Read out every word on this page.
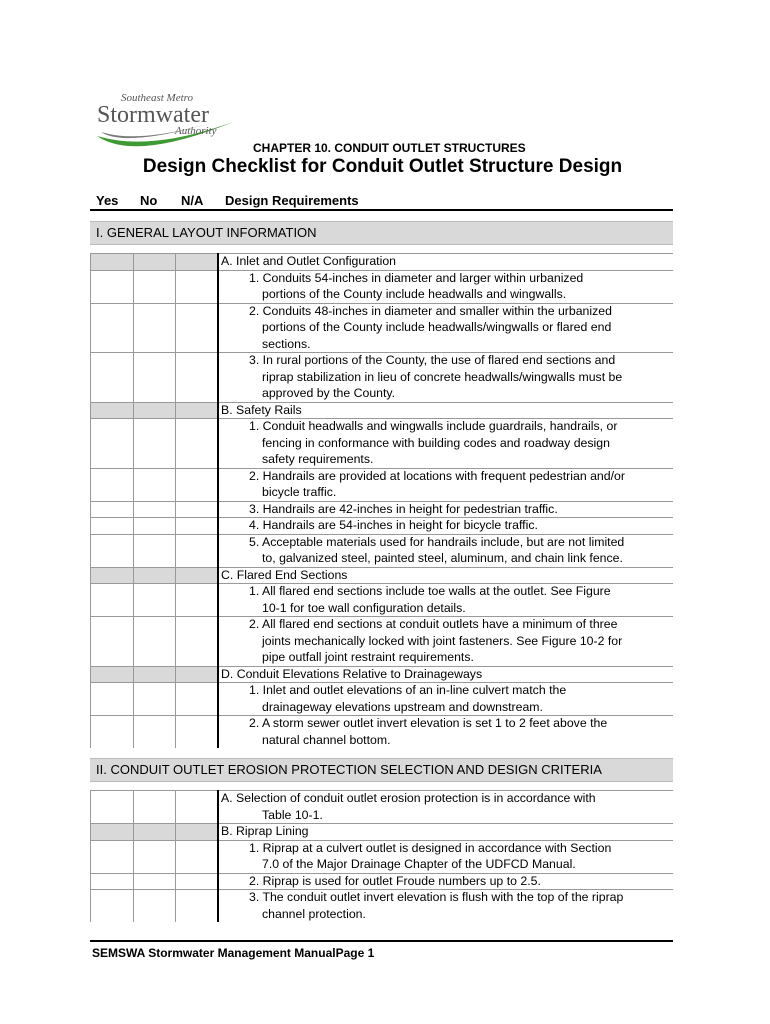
Southeast Metro
Stormwater
Authority
CHAPTER 10. CONDUIT OUTLET STRUCTURES
Design Checklist for Conduit Outlet Structure Design
Yes No N/A Design Requirements
I. GENERAL LAYOUT INFORMATION
A. Inlet and Outlet Configuration
1. Conduits 54-inches in diameter and larger within urbanized
portions of the County include headwalls and wingwalls.
2. Conduits 48-inches in diameter and smaller within the urbanized
portions of the County include headwalls/wingwalls or flared end
sections.
3. In rural portions of the County, the use of flared end sections and
riprap stabilization in lieu of concrete headwalls/wingwalls must be
approved by the County.
B. Safety Rails
1. Conduit headwalls and wingwalls include guardrails, handrails, or
fencing in conformance with building codes and roadway design
safety requirements.
2. Handrails are provided at locations with frequent pedestrian and/or
bicycle traffic.
3. Handrails are 42-inches in height for pedestrian traffic.
4. Handrails are 54-inches in height for bicycle traffic.
5. Acceptable materials used for handrails include, but are not limited
to, galvanized steel, painted steel, aluminum, and chain link fence.
C. Flared End Sections
1. All flared end sections include toe walls at the outlet. See Figure
10-1 for toe wall configuration details.
2. All flared end sections at conduit outlets have a minimum of three
joints mechanically locked with joint fasteners. See Figure 10-2 for
pipe outfall joint restraint requirements.
D. Conduit Elevations Relative to Drainageways
1. Inlet and outlet elevations of an in-line culvert match the
drainageway elevations upstream and downstream.
2. A storm sewer outlet invert elevation is set 1 to 2 feet above the
natural channel bottom.
II. CONDUIT OUTLET EROSION PROTECTION SELECTION AND DESIGN CRITERIA
A. Selection of conduit outlet erosion protection is in accordance with
Table 10-1.
B. Riprap Lining
1. Riprap at a culvert outlet is designed in accordance with Section
7.0 of the Major Drainage Chapter of the UDFCD Manual.
2. Riprap is used for outlet Froude numbers up to 2.5.
3. The conduit outlet invert elevation is flush with the top of the riprap
channel protection.
SEMSWA Stormwater Management ManualPage 1
